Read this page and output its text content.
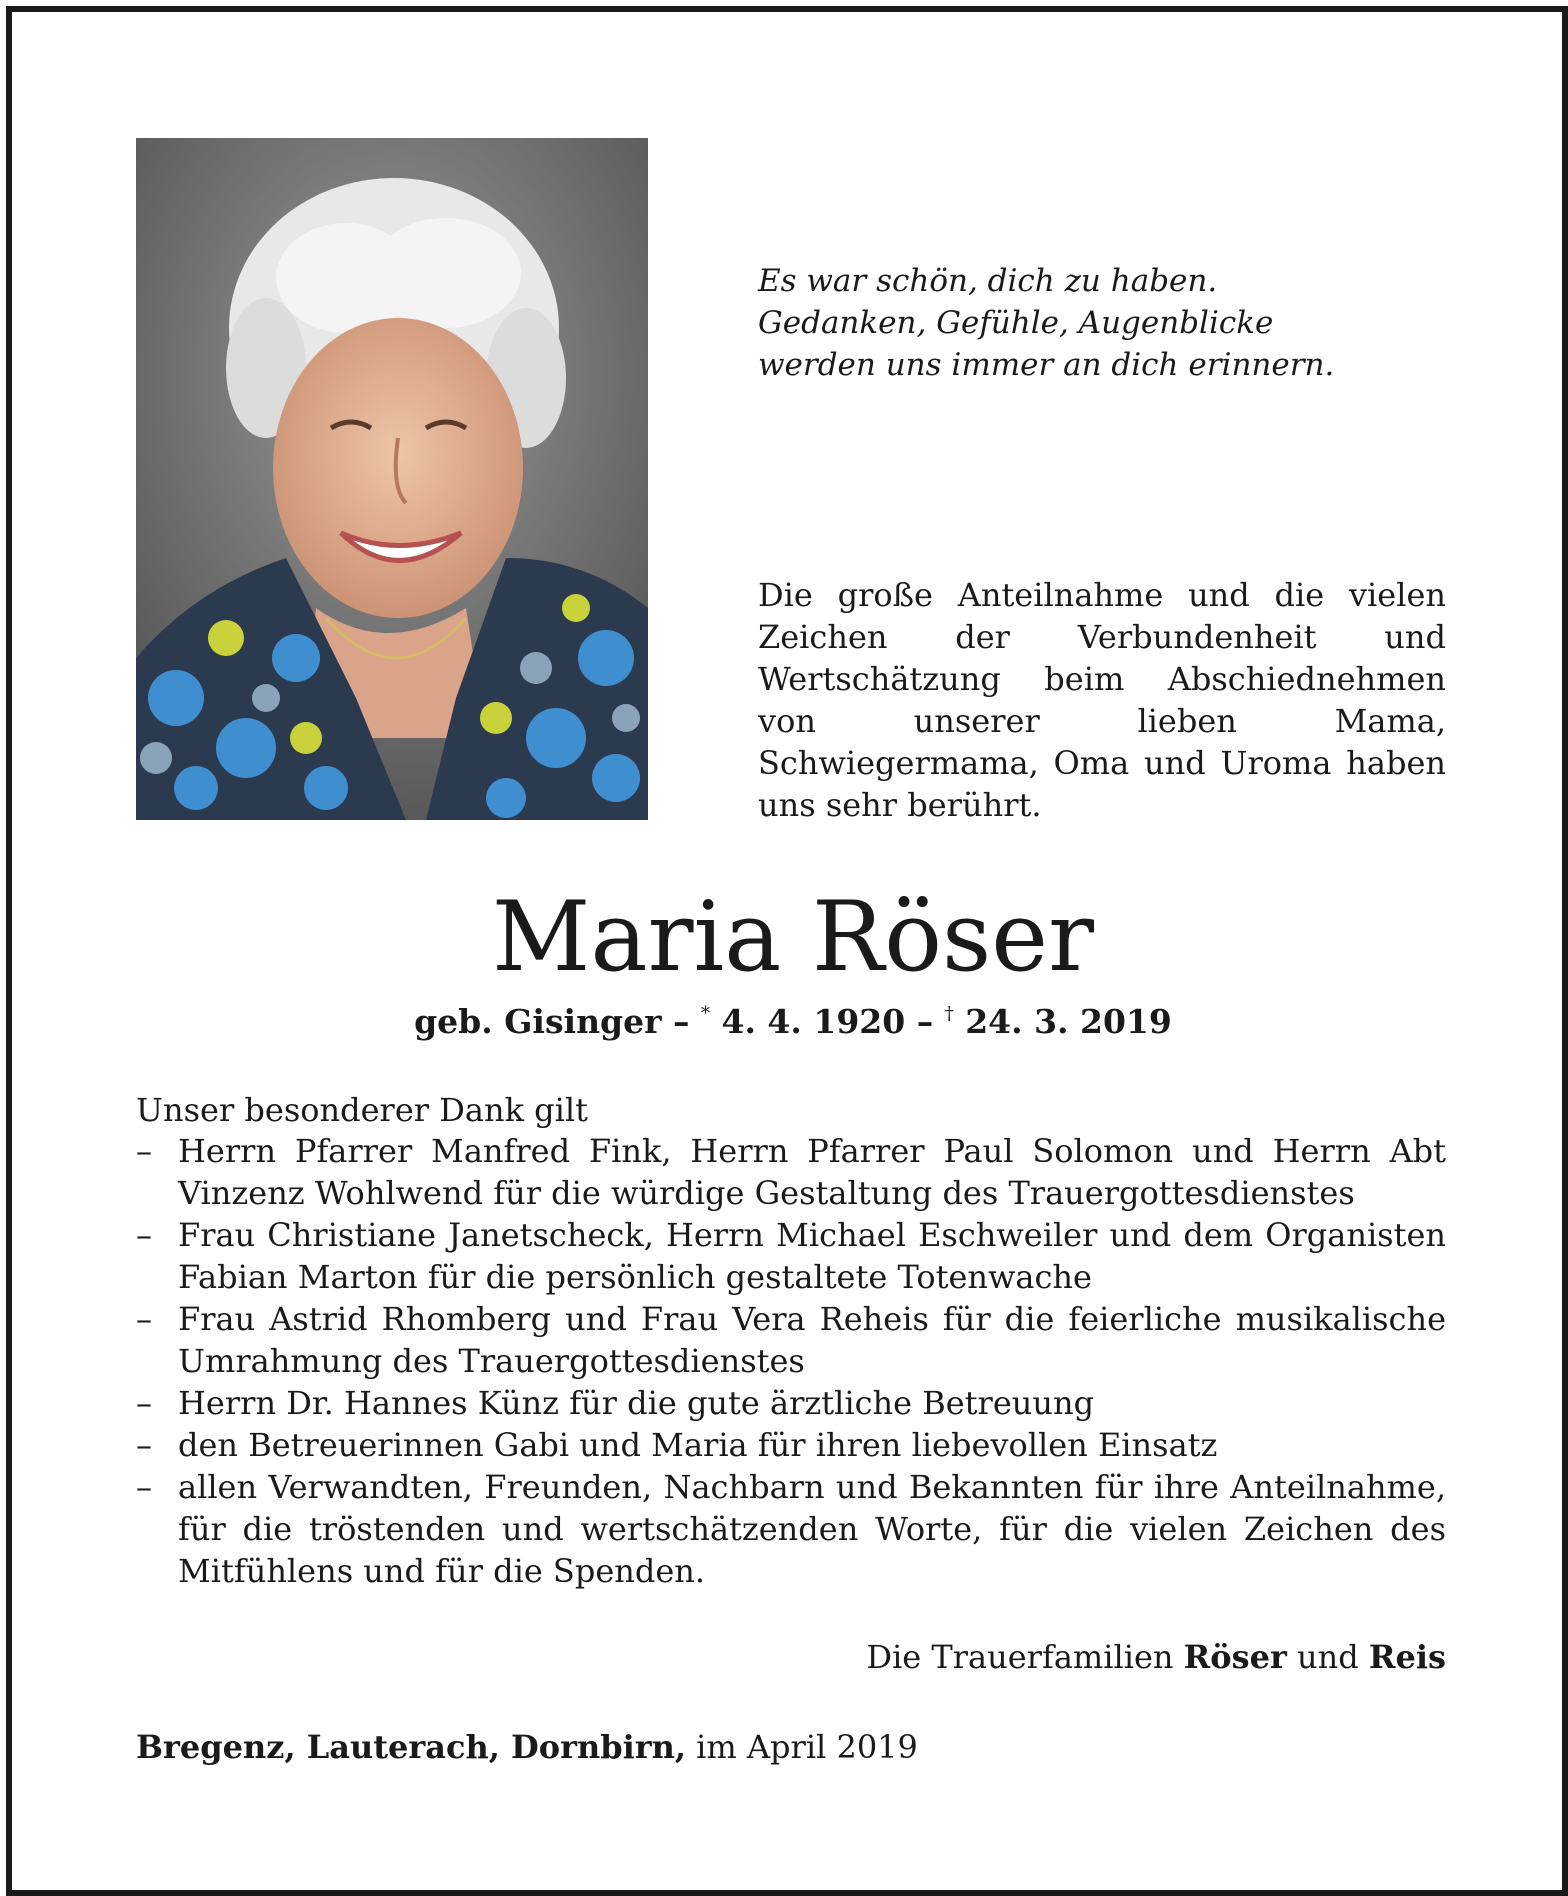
Es war schön, dich zu haben.
Gedanken, Gefühle, Augenblicke
werden uns immer an dich erinnern.
Die große Anteilnahme und die vielen Zeichen der Verbundenheit und Wertschätzung beim Abschiednehmen von unserer lieben Mama, Schwiegermama, Oma und Uroma haben uns sehr berührt.
Maria Röser
geb. Gisinger – * 4. 4. 1920 – † 24. 3. 2019
Unser besonderer Dank gilt
– Herrn Pfarrer Manfred Fink, Herrn Pfarrer Paul Solomon und Herrn Abt Vinzenz Wohlwend für die würdige Gestaltung des Trauergottesdienstes
– Frau Christiane Janetscheck, Herrn Michael Eschweiler und dem Organisten Fabian Marton für die persönlich gestaltete Totenwache
– Frau Astrid Rhomberg und Frau Vera Reheis für die feierliche musikalische Umrahmung des Trauergottesdienstes
– Herrn Dr. Hannes Künz für die gute ärztliche Betreuung
– den Betreuerinnen Gabi und Maria für ihren liebevollen Einsatz
– allen Verwandten, Freunden, Nachbarn und Bekannten für ihre Anteilnahme, für die tröstenden und wertschätzenden Worte, für die vielen Zeichen des Mitfühlens und für die Spenden.
Die Trauerfamilien Röser und Reis
Bregenz, Lauterach, Dornbirn, im April 2019
